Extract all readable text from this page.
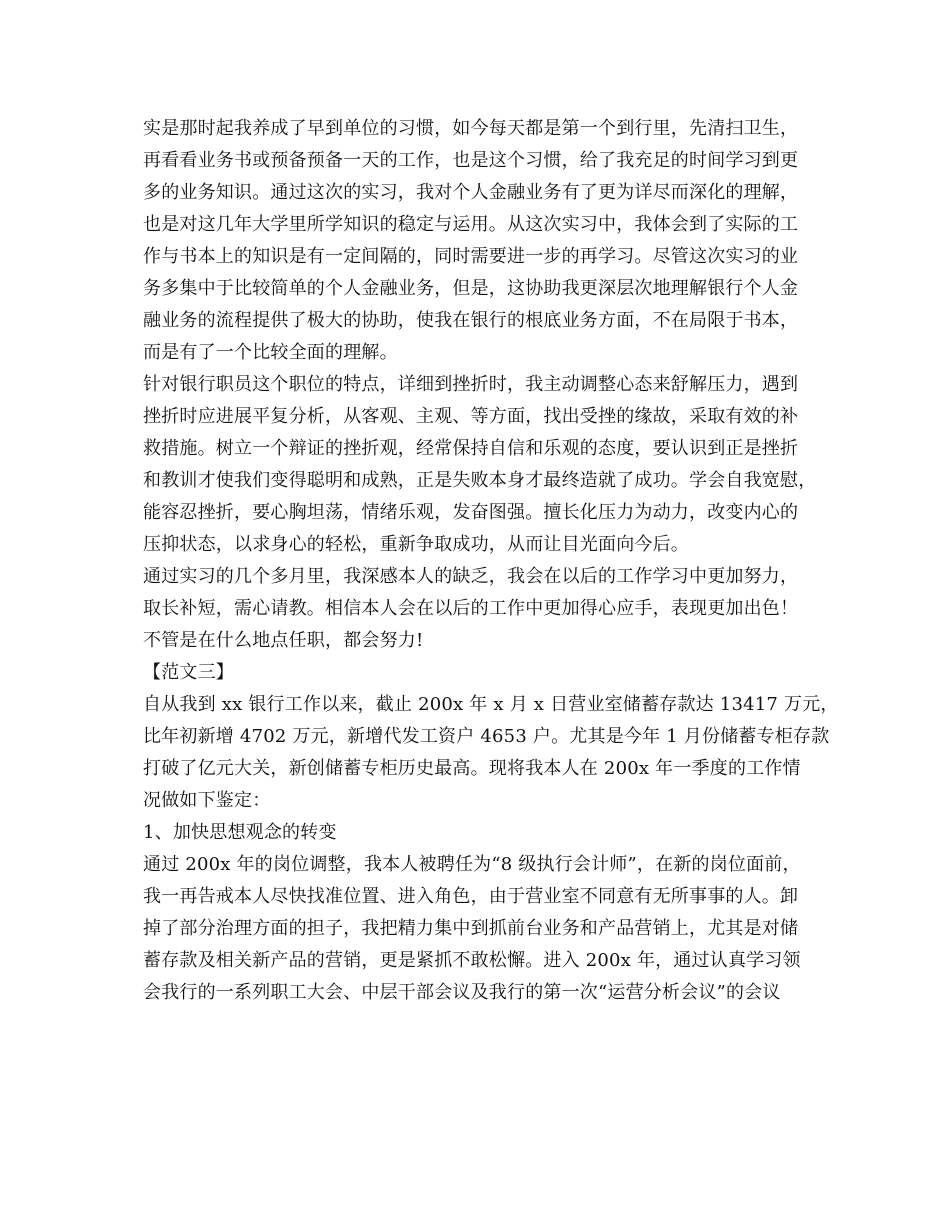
实是那时起我养成了早到单位的习惯，如今每天都是第一个到行里，先清扫卫生，
再看看业务书或预备预备一天的工作，也是这个习惯，给了我充足的时间学习到更
多的业务知识。通过这次的实习，我对个人金融业务有了更为详尽而深化的理解，
也是对这几年大学里所学知识的稳定与运用。从这次实习中，我体会到了实际的工
作与书本上的知识是有一定间隔的，同时需要进一步的再学习。尽管这次实习的业
务多集中于比较简单的个人金融业务，但是，这协助我更深层次地理解银行个人金
融业务的流程提供了极大的协助，使我在银行的根底业务方面，不在局限于书本，
而是有了一个比较全面的理解。
针对银行职员这个职位的特点，详细到挫折时，我主动调整心态来舒解压力，遇到
挫折时应进展平复分析，从客观、主观、等方面，找出受挫的缘故，采取有效的补
救措施。树立一个辩证的挫折观，经常保持自信和乐观的态度，要认识到正是挫折
和教训才使我们变得聪明和成熟，正是失败本身才最终造就了成功。学会自我宽慰，
能容忍挫折，要心胸坦荡，情绪乐观，发奋图强。擅长化压力为动力，改变内心的
压抑状态，以求身心的轻松，重新争取成功，从而让目光面向今后。
通过实习的几个多月里，我深感本人的缺乏，我会在以后的工作学习中更加努力，
取长补短，需心请教。相信本人会在以后的工作中更加得心应手，表现更加出色！
不管是在什么地点任职，都会努力!
【范文三】
自从我到 xx 银行工作以来，截止 200x 年 x 月 x 日营业室储蓄存款达 13417 万元，
比年初新增 4702 万元，新增代发工资户 4653 户。尤其是今年 1 月份储蓄专柜存款
打破了亿元大关，新创储蓄专柜历史最高。现将我本人在 200x 年一季度的工作情
况做如下鉴定：
1、加快思想观念的转变
通过 200x 年的岗位调整，我本人被聘任为“8 级执行会计师”，在新的岗位面前，
我一再告戒本人尽快找准位置、进入角色，由于营业室不同意有无所事事的人。卸
掉了部分治理方面的担子，我把精力集中到抓前台业务和产品营销上，尤其是对储
蓄存款及相关新产品的营销，更是紧抓不敢松懈。进入 200x 年，通过认真学习领
会我行的一系列职工大会、中层干部会议及我行的第一次“运营分析会议”的会议
